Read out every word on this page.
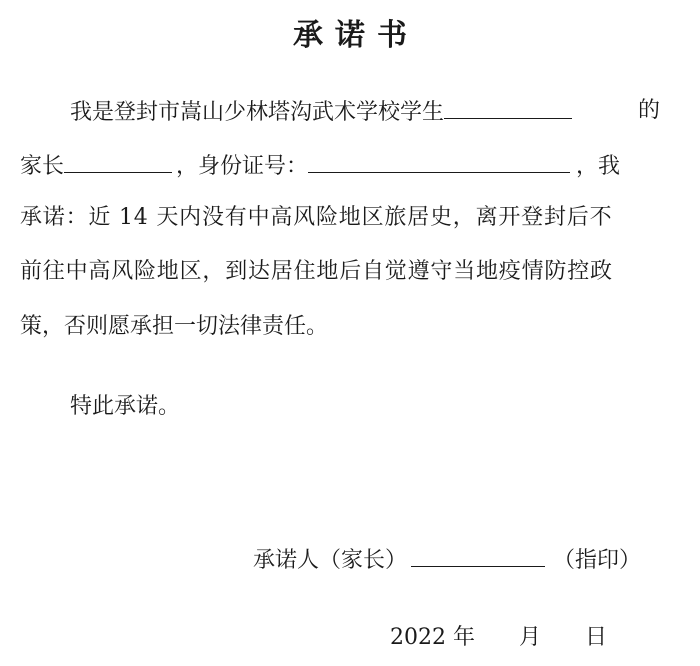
承诺书
我是登封市嵩山少林塔沟武术学校学生	的
家长	，身份证号：	，我
承诺：近 14 天内没有中高风险地区旅居史，离开登封后不
前往中高风险地区，到达居住地后自觉遵守当地疫情防控政
策，否则愿承担一切法律责任。
特此承诺。
承诺人（家长）	（指印）
2022 年 月 日
